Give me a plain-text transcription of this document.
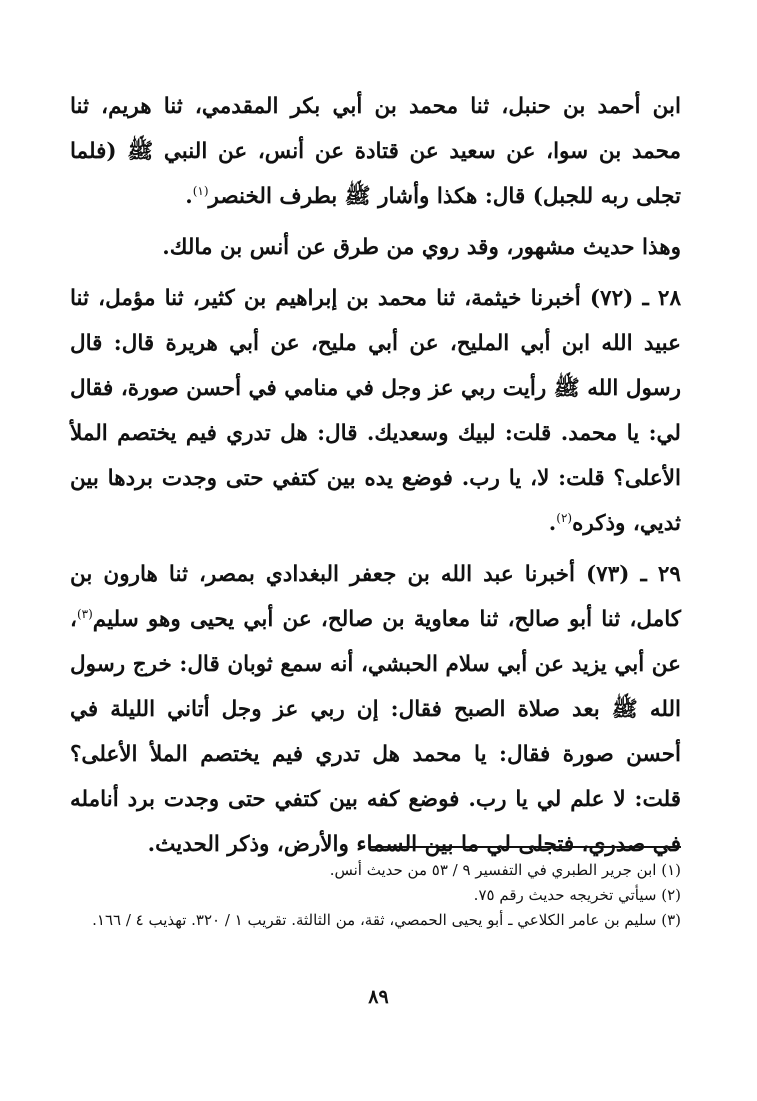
ابن أحمد بن حنبل، ثنا محمد بن أبي بكر المقدمي، ثنا هريم، ثنا محمد بن سوا، عن سعيد عن قتادة عن أنس، عن النبي ﷺ (فلما تجلى ربه للجبل) قال: هكذا وأشار ﷺ بطرف الخنصر$^{(١)}$.

وهذا حديث مشهور، وقد روي من طرق عن أنس بن مالك.

٢٨ ـ (٧٢) أخبرنا خيثمة، ثنا محمد بن إبراهيم بن كثير، ثنا مؤمل، ثنا عبيد الله ابن أبي المليح، عن أبي مليح، عن أبي هريرة قال: قال رسول الله ﷺ رأيت ربي عز وجل في منامي في أحسن صورة، فقال لي: يا محمد. قلت: لبيك وسعديك. قال: هل تدري فيم يختصم الملأ الأعلى؟ قلت: لا، يا رب. فوضع يده بين كتفي حتى وجدت بردها بين ثديي، وذكره$^{(٢)}$.

٢٩ ـ (٧٣) أخبرنا عبد الله بن جعفر البغدادي بمصر، ثنا هارون بن كامل، ثنا أبو صالح، ثنا معاوية بن صالح، عن أبي يحيى وهو سليم$^{(٣)}$، عن أبي يزيد عن أبي سلام الحبشي، أنه سمع ثوبان قال: خرج رسول الله ﷺ بعد صلاة الصبح فقال: إن ربي عز وجل أتاني الليلة في أحسن صورة فقال: يا محمد هل تدري فيم يختصم الملأ الأعلى؟ قلت: لا علم لي يا رب. فوضع كفه بين كتفي حتى وجدت برد أنامله في صدري، فتجلى لي ما بين السماء والأرض، وذكر الحديث.

(١) ابن جرير الطبري في التفسير ٩ / ٥٣ من حديث أنس.

(٢) سيأتي تخريجه حديث رقم ٧٥.

(٣) سليم بن عامر الكلاعي ـ أبو يحيى الحمصي، ثقة، من الثالثة. تقريب ١ / ٣٢٠. تهذيب ٤ / ١٦٦.

٨٩
